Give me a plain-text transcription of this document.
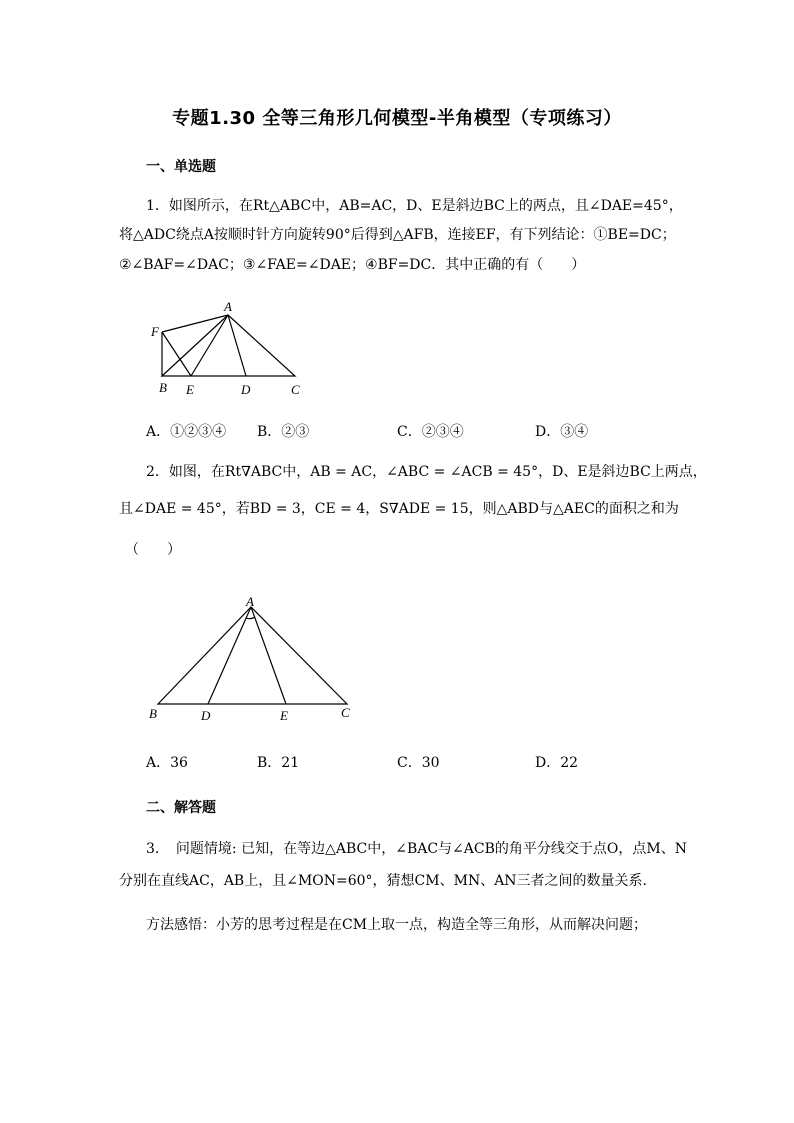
专题1.30 全等三角形几何模型-半角模型（专项练习）
一、单选题
1．如图所示，在Rt△ABC中，AB=AC，D、E是斜边BC上的两点，且∠DAE=45°，
将△ADC绕点A按顺时针方向旋转90°后得到△AFB，连接EF，有下列结论：①BE=DC；
②∠BAF=∠DAC；③∠FAE=∠DAE；④BF=DC．其中正确的有（　　）
A
F
B E	D	C
A．①②③④ B．②③	C．②③④	D．③④
2．如图，在Rt∇ABC中，AB = AC，∠ABC = ∠ACB = 45°，D、E是斜边BC上两点，
且∠DAE = 45°，若BD = 3，CE = 4，S∇ADE = 15，则△ABD与△AEC的面积之和为
（　　）
A
B	D	E	C
A．36	B．21	C．30	D．22
二、解答题
3．　问题情境: 已知，在等边△ABC中，∠BAC与∠ACB的角平分线交于点O，点M、N
分别在直线AC，AB上，且∠MON=60°，猜想CM、MN、AN三者之间的数量关系．
方法感悟：小芳的思考过程是在CM上取一点，构造全等三角形，从而解决问题；
